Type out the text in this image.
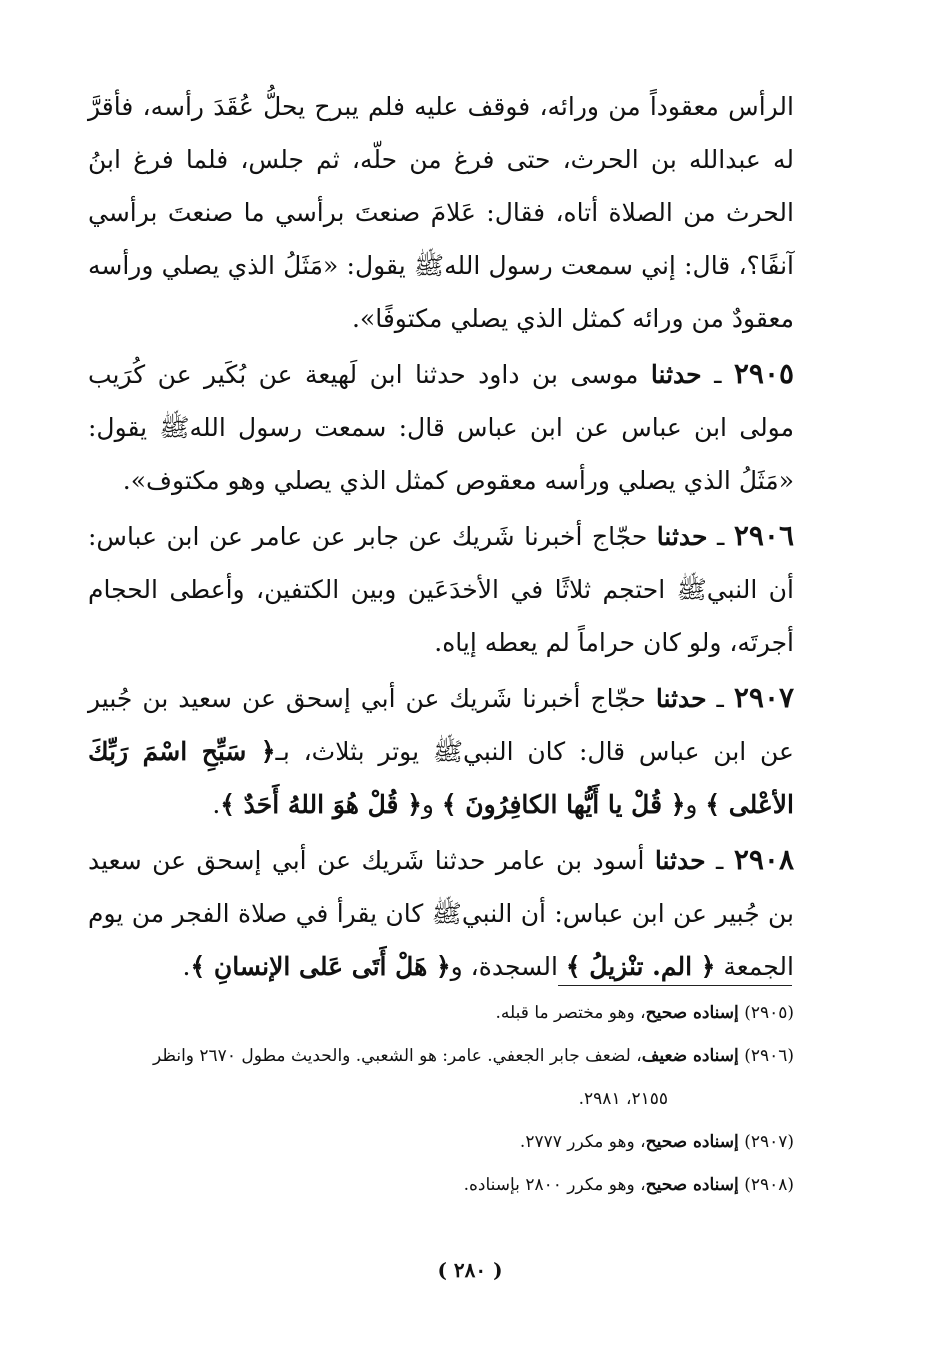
الرأس معقوداً من ورائه، فوقف عليه فلم يبرح يحلُّ عُقَدَ رأسه، فأقرَّ له عبدالله بن الحرث، حتى فرغ من حلّه، ثم جلس، فلما فرغ ابنُ الحرث من الصلاة أتاه، فقال: عَلامَ صنعتَ برأسي ما صنعتَ برأسي آنفًا؟، قال: إني سمعت رسول اللهﷺ يقول: «مَثَلُ الذي يصلي ورأسه معقودٌ من ورائه كمثل الذي يصلي مكتوفًا».

٢٩٠٥ ـ حدثنا موسى بن داود حدثنا ابن لَهيعة عن بُكَير عن كُرَيب مولى ابن عباس عن ابن عباس قال: سمعت رسول اللهﷺ يقول: «مَثَلُ الذي يصلي ورأسه معقوص كمثل الذي يصلي وهو مكتوف».

٢٩٠٦ ـ حدثنا حجّاج أخبرنا شَريك عن جابر عن عامر عن ابن عباس: أن النبيﷺ احتجم ثلاثًا في الأخدَعَين وبين الكتفين، وأعطى الحجام أجرتَه، ولو كان حراماً لم يعطه إياه.

٢٩٠٧ ـ حدثنا حجّاج أخبرنا شَريك عن أبي إسحق عن سعيد بن جُبير عن ابن عباس قال: كان النبيﷺ يوتر بثلاث، بـ﴿ سَبِّحِ اسْمَ رَبِّكَ الأعْلى ﴾ و﴿ قُلْ يا أَيُّها الكافِرُونَ ﴾ و﴿ قُلْ هُوَ اللهُ أَحَدٌ ﴾.

٢٩٠٨ ـ حدثنا أسود بن عامر حدثنا شَريك عن أبي إسحق عن سعيد بن جُبير عن ابن عباس: أن النبيﷺ كان يقرأ في صلاة الفجر من يوم الجمعة ﴿ الم. تنْزيلُ ﴾ السجدة، و﴿ هَلْ أَتَى عَلى الإنسانِ ﴾.

(٢٩٠٥) إسناده صحيح، وهو مختصر ما قبله.

(٢٩٠٦) إسناده ضعيف، لضعف جابر الجعفي. عامر: هو الشعبي. والحديث مطول ٢٦٧٠ وانظر

٢١٥٥، ٢٩٨١.

(٢٩٠٧) إسناده صحيح، وهو مكرر ٢٧٧٧.

(٢٩٠٨) إسناده صحيح، وهو مكرر ٢٨٠٠ بإسناده.

( ٢٨٠ )
